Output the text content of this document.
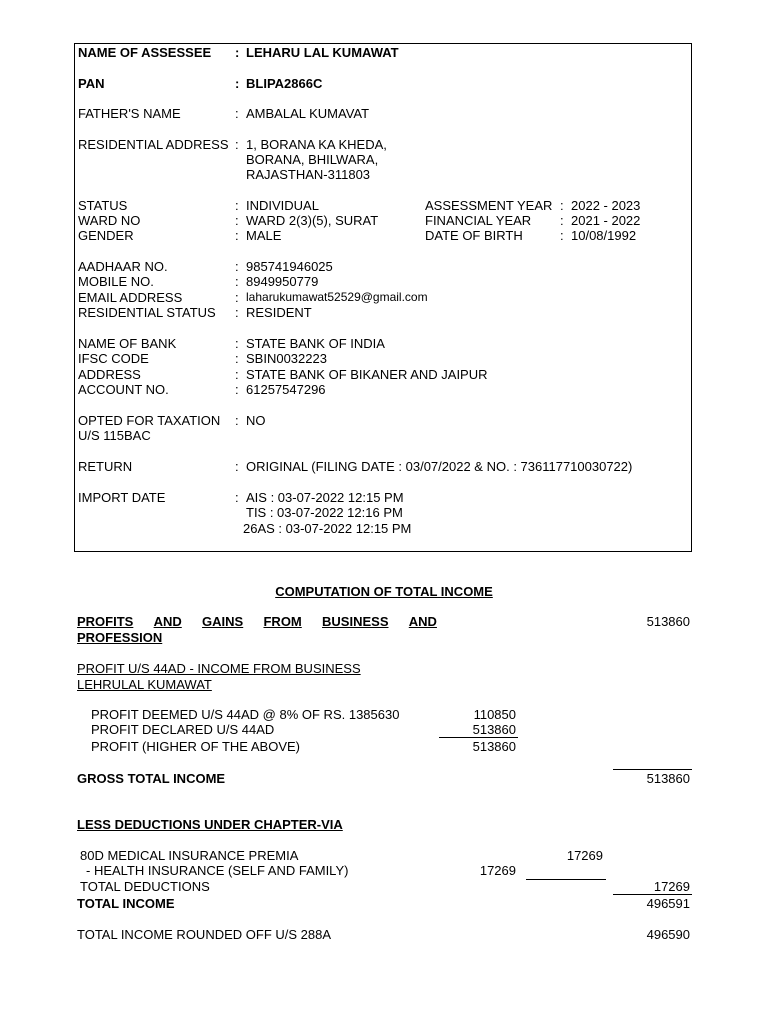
NAME OF ASSESSEE : LEHARU LAL KUMAWAT
PAN	: BLIPA2866C
FATHER'S NAME	: AMBALAL KUMAVAT
RESIDENTIAL ADDRESS : 1, BORANA KA KHEDA,
BORANA, BHILWARA,
RAJASTHAN-311803
STATUS	: INDIVIDUAL	ASSESSMENT YEAR : 2022 - 2023
WARD NO	: WARD 2(3)(5), SURAT	FINANCIAL YEAR : 2021 - 2022
GENDER	: MALE	DATE OF BIRTH	: 10/08/1992
AADHAAR NO.	: 985741946025
MOBILE NO.	: 8949950779
EMAIL ADDRESS	: laharukumawat52529@gmail.com
RESIDENTIAL STATUS : RESIDENT
NAME OF BANK	: STATE BANK OF INDIA
IFSC CODE	: SBIN0032223
ADDRESS	: STATE BANK OF BIKANER AND JAIPUR
ACCOUNT NO.	: 61257547296
OPTED FOR TAXATION
U/S 115BAC
: NO
RETURN	: ORIGINAL (FILING DATE : 03/07/2022 & NO. : 736117710030722)
IMPORT DATE	: AIS : 03-07-2022 12:15 PM
TIS : 03-07-2022 12:16 PM
26AS : 03-07-2022 12:15 PM
COMPUTATION OF TOTAL INCOME
PROFITS AND GAINS FROM BUSINESS AND
PROFESSION
513860
PROFIT U/S 44AD - INCOME FROM BUSINESS
LEHRULAL KUMAWAT
PROFIT DEEMED U/S 44AD @ 8% OF RS. 1385630	110850
PROFIT DECLARED U/S 44AD	513860
PROFIT (HIGHER OF THE ABOVE)	513860
GROSS TOTAL INCOME	513860
LESS DEDUCTIONS UNDER CHAPTER-VIA
80D MEDICAL INSURANCE PREMIA	17269
- HEALTH INSURANCE (SELF AND FAMILY)	17269
TOTAL DEDUCTIONS	17269
TOTAL INCOME	496591
TOTAL INCOME ROUNDED OFF U/S 288A	496590
